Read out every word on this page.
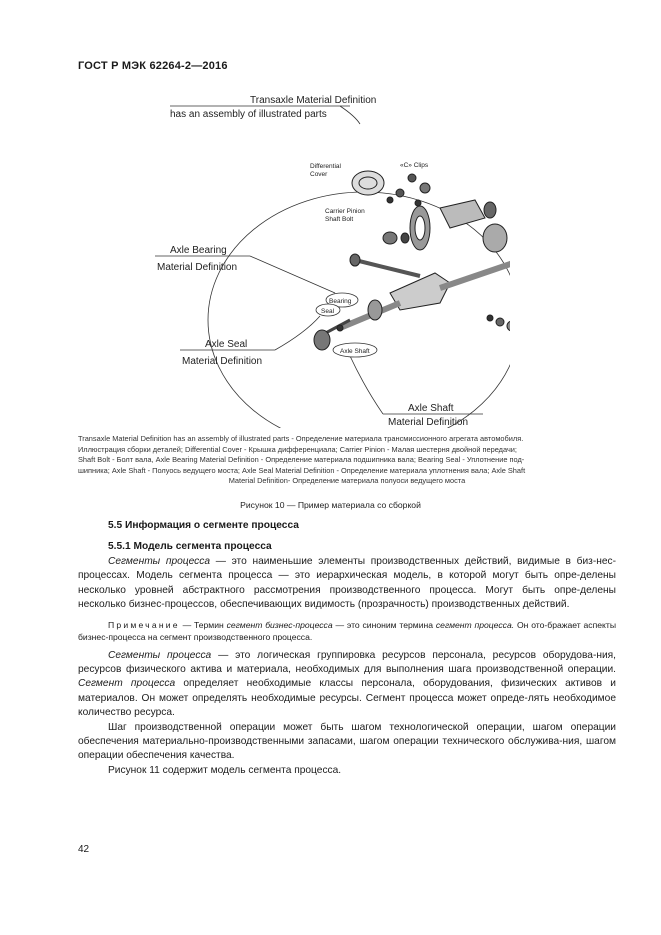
ГОСТ Р МЭК 62264-2—2016
Transaxle Material Definition
has an assembly of illustrated parts
Axle Bearing
Material Definition
Axle Seal
Material Definition
Axle Shaft
Material Definition
Differential
Cover
«C» Clips
Carrier Pinion
Shaft Bolt
Bearing
Seal
Axle Shaft
Transaxle Material Definition has an assembly of illustrated parts - Определение материала трансмиссионного агрегата автомобиля.
Иллюстрация сборки деталей; Differential Cover - Крышка дифференциала; Carrier Pinion - Малая шестерня двойной передачи;
Shaft Bolt - Болт вала, Axle Bearing Material Definition - Определение материала подшипника вала; Bearing Seal - Уплотнение под-
шипника; Axle Shaft - Полуось ведущего моста; Axle Seal Material Definition - Определение материала уплотнения вала; Axle Shaft
Material Definition- Определение материала полуоси ведущего моста
Рисунок 10 — Пример материала со сборкой
5.5 Информация о сегменте процесса
5.5.1 Модель сегмента процесса

Сегменты процесса — это наименьшие элементы производственных действий, видимые в биз-нес-процессах. Модель сегмента процесса — это иерархическая модель, в которой могут быть опре-делены несколько уровней абстрактного рассмотрения производственного процесса. Могут быть опре-делены несколько бизнес-процессов, обеспечивающих видимость (прозрачность) производственных действий.

Примечание — Термин сегмент бизнес-процесса — это синоним термина сегмент процесса. Он ото-бражает аспекты бизнес-процесса на сегмент производственного процесса.

Сегменты процесса — это логическая группировка ресурсов персонала, ресурсов оборудова-ния, ресурсов физического актива и материала, необходимых для выполнения шага производственной операции. Сегмент процесса определяет необходимые классы персонала, оборудования, физических активов и материалов. Он может определять необходимые ресурсы. Сегмент процесса может опреде-лять необходимое количество ресурса.

Шаг производственной операции может быть шагом технологической операции, шагом операции обеспечения материально-производственными запасами, шагом операции технического обслужива-ния, шагом операции обеспечения качества.

Рисунок 11 содержит модель сегмента процесса.

42
